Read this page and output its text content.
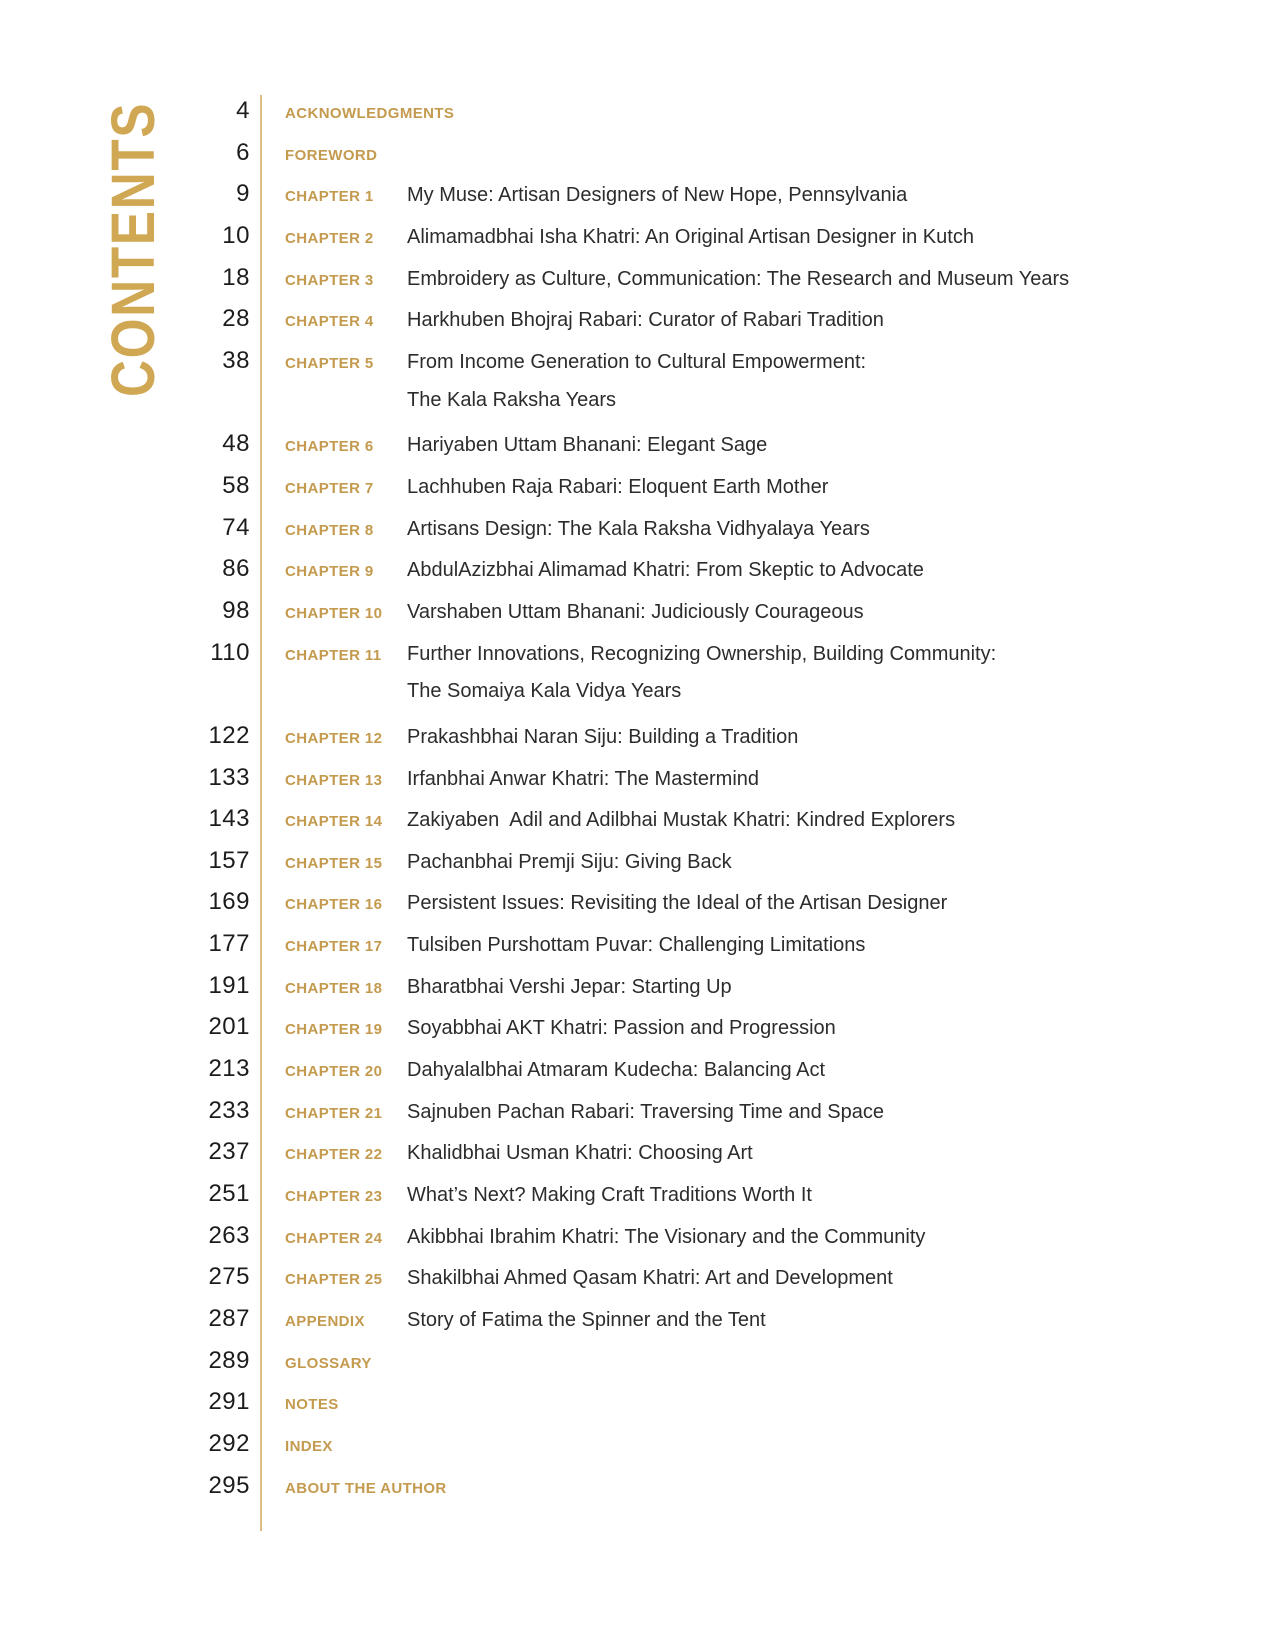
CONTENTS	4 ACKNOWLEDGMENTS
6 FOREWORD
9 CHAPTER 1	My Muse: Artisan Designers of New Hope, Pennsylvania
10 CHAPTER 2	Alimamadbhai Isha Khatri: An Original Artisan Designer in Kutch
18 CHAPTER 3	Embroidery as Culture, Communication: The Research and Museum Years
28 CHAPTER 4	Harkhuben Bhojraj Rabari: Curator of Rabari Tradition
38 CHAPTER 5	From Income Generation to Cultural Empowerment:
The Kala Raksha Years
48 CHAPTER 6	Hariyaben Uttam Bhanani: Elegant Sage
58 CHAPTER 7	Lachhuben Raja Rabari: Eloquent Earth Mother
74 CHAPTER 8	Artisans Design: The Kala Raksha Vidhyalaya Years
86 CHAPTER 9	AbdulAzizbhai Alimamad Khatri: From Skeptic to Advocate
98 CHAPTER 10	Varshaben Uttam Bhanani: Judiciously Courageous
110 CHAPTER 11	Further Innovations, Recognizing Ownership, Building Community:
The Somaiya Kala Vidya Years
122 CHAPTER 12	Prakashbhai Naran Siju: Building a Tradition
133 CHAPTER 13	Irfanbhai Anwar Khatri: The Mastermind
143 CHAPTER 14	Zakiyaben  Adil and Adilbhai Mustak Khatri: Kindred Explorers
157 CHAPTER 15	Pachanbhai Premji Siju: Giving Back
169 CHAPTER 16	Persistent Issues: Revisiting the Ideal of the Artisan Designer
177 CHAPTER 17	Tulsiben Purshottam Puvar: Challenging Limitations
191 CHAPTER 18	Bharatbhai Vershi Jepar: Starting Up
201 CHAPTER 19	Soyabbhai AKT Khatri: Passion and Progression
213 CHAPTER 20	Dahyalalbhai Atmaram Kudecha: Balancing Act
233 CHAPTER 21	Sajnuben Pachan Rabari: Traversing Time and Space
237 CHAPTER 22	Khalidbhai Usman Khatri: Choosing Art
251 CHAPTER 23	What’s Next? Making Craft Traditions Worth It
263 CHAPTER 24	Akibbhai Ibrahim Khatri: The Visionary and the Community
275 CHAPTER 25	Shakilbhai Ahmed Qasam Khatri: Art and Development
287 APPENDIX	Story of Fatima the Spinner and the Tent
289 GLOSSARY
291 NOTES
292 INDEX
295 ABOUT THE AUTHOR
